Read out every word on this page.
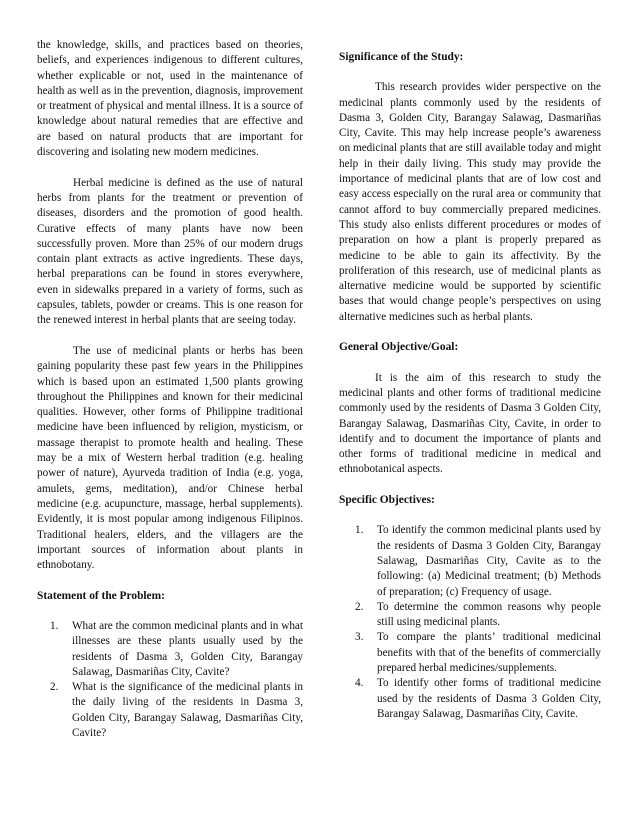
the knowledge, skills, and practices based on theories, beliefs, and experiences indigenous to different cultures, whether explicable or not, used in the maintenance of health as well as in the prevention, diagnosis, improvement or treatment of physical and mental illness. It is a source of knowledge about natural remedies that are effective and are based on natural products that are important for discovering and isolating new modern medicines.

Herbal medicine is defined as the use of natural herbs from plants for the treatment or prevention of diseases, disorders and the promotion of good health. Curative effects of many plants have now been successfully proven. More than 25% of our modern drugs contain plant extracts as active ingredients. These days, herbal preparations can be found in stores everywhere, even in sidewalks prepared in a variety of forms, such as capsules, tablets, powder or creams. This is one reason for the renewed interest in herbal plants that are seeing today.

The use of medicinal plants or herbs has been gaining popularity these past few years in the Philippines which is based upon an estimated 1,500 plants growing throughout the Philippines and known for their medicinal qualities. However, other forms of Philippine traditional medicine have been influenced by religion, mysticism, or massage therapist to promote health and healing. These may be a mix of Western herbal tradition (e.g. healing power of nature), Ayurveda tradition of India (e.g. yoga, amulets, gems, meditation), and/or Chinese herbal medicine (e.g. acupuncture, massage, herbal supplements). Evidently, it is most popular among indigenous Filipinos. Traditional healers, elders, and the villagers are the important sources of information about plants in ethnobotany.

Statement of the Problem:
1.	What are the common medicinal plants and in what illnesses are these plants usually used by the residents of Dasma 3, Golden City, Barangay Salawag, Dasmariñas City, Cavite?
2.	What is the significance of the medicinal plants in the daily living of the residents in Dasma 3, Golden City, Barangay Salawag, Dasmariñas City, Cavite?
Significance of the Study:

This research provides wider perspective on the medicinal plants commonly used by the residents of Dasma 3, Golden City, Barangay Salawag, Dasmariñas City, Cavite. This may help increase people’s awareness on medicinal plants that are still available today and might help in their daily living. This study may provide the importance of medicinal plants that are of low cost and easy access especially on the rural area or community that cannot afford to buy commercially prepared medicines. This study also enlists different procedures or modes of preparation on how a plant is properly prepared as medicine to be able to gain its affectivity. By the proliferation of this research, use of medicinal plants as alternative medicine would be supported by scientific bases that would change people’s perspectives on using alternative medicines such as herbal plants.

General Objective/Goal:

It is the aim of this research to study the medicinal plants and other forms of traditional medicine commonly used by the residents of Dasma 3 Golden City, Barangay Salawag, Dasmariñas City, Cavite, in order to identify and to document the importance of plants and other forms of traditional medicine in medical and ethnobotanical aspects.

Specific Objectives:
1.	To identify the common medicinal plants used by the residents of Dasma 3 Golden City, Barangay Salawag, Dasmariñas City, Cavite as to the following: (a) Medicinal treatment; (b) Methods of preparation; (c) Frequency of usage.
2.	To determine the common reasons why people still using medicinal plants.
3.	To compare the plants’ traditional medicinal benefits with that of the benefits of commercially prepared herbal medicines/supplements.
4.	To identify other forms of traditional medicine used by the residents of Dasma 3 Golden City, Barangay Salawag, Dasmariñas City, Cavite.
